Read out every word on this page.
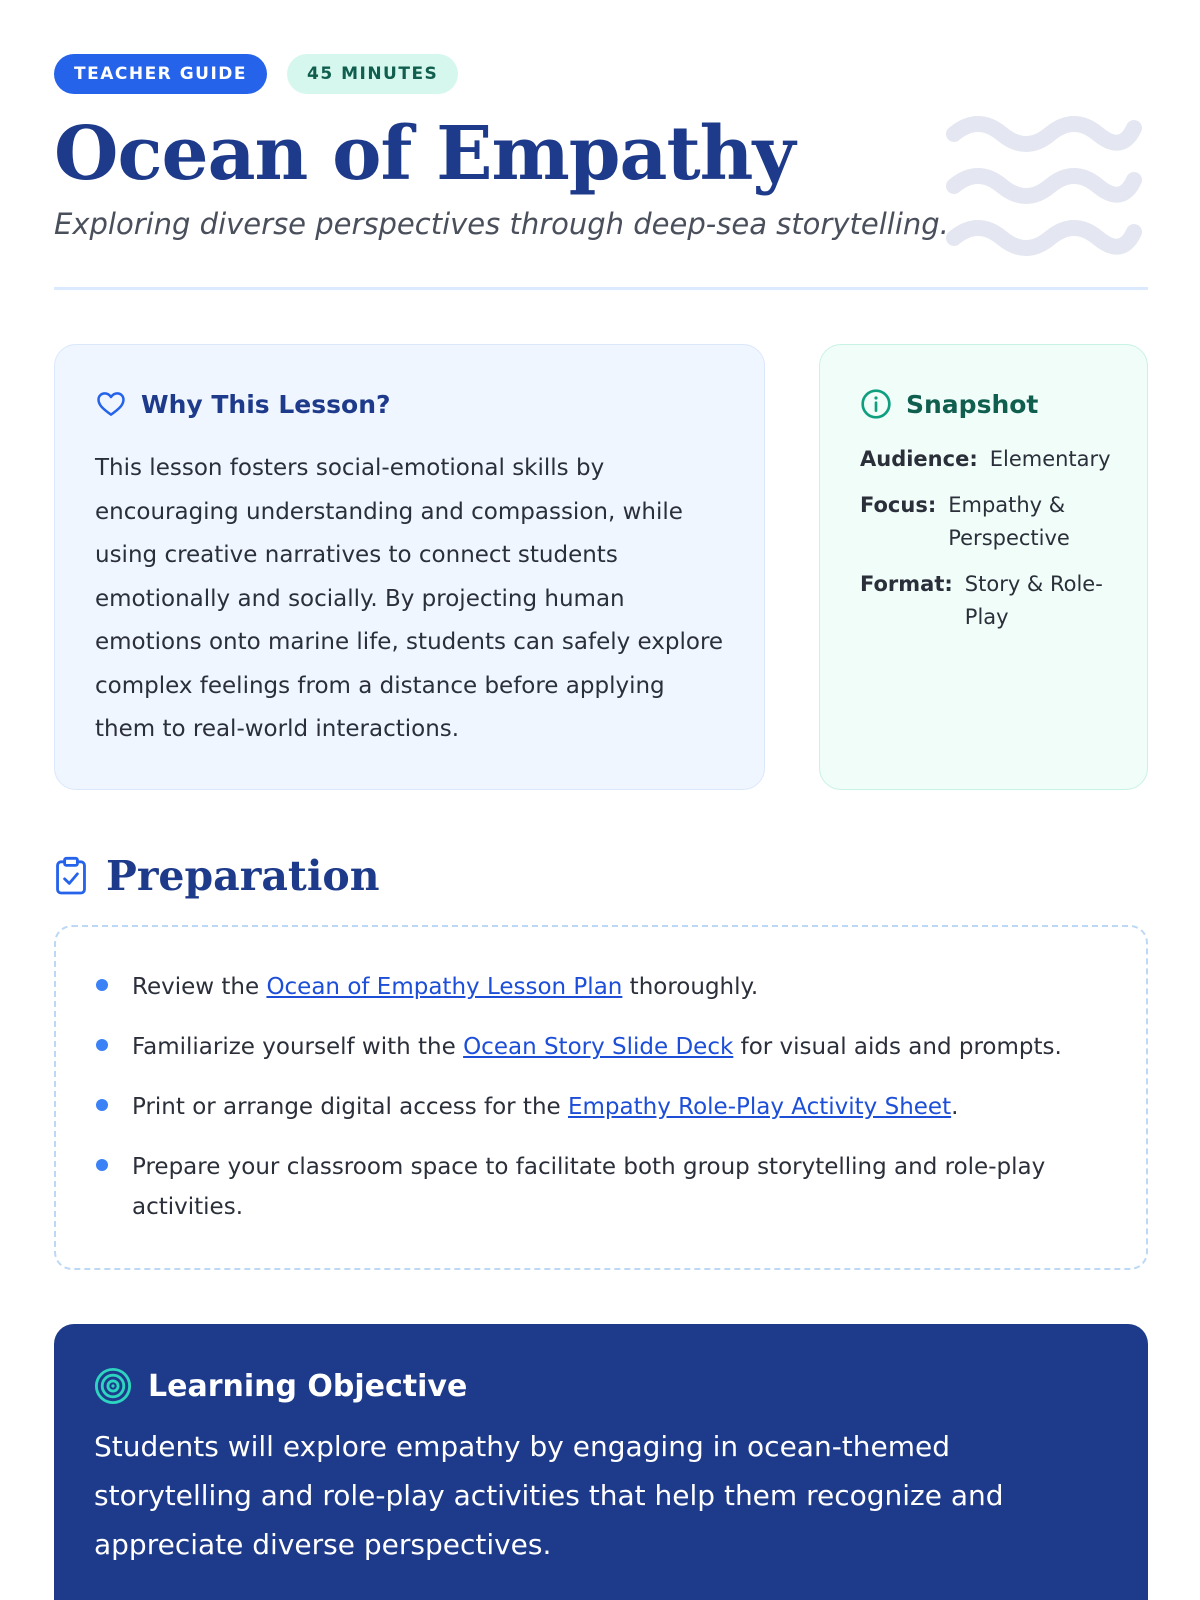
TEACHER GUIDE	45 MINUTES
Ocean of Empathy

Exploring diverse perspectives through deep-sea storytelling.

Why This Lesson?

This lesson fosters social-emotional skills by encouraging understanding and compassion, while using creative narratives to connect students emotionally and socially. By projecting human emotions onto marine life, students can safely explore complex feelings from a distance before applying them to real-world interactions.

Snapshot
Audience: Elementary
Focus: Empathy & Perspective
Format: Story & Role-Play
Preparation
Review the Ocean of Empathy Lesson Plan thoroughly.
Familiarize yourself with the Ocean Story Slide Deck for visual aids and prompts.
Print or arrange digital access for the Empathy Role-Play Activity Sheet.
Prepare your classroom space to facilitate both group storytelling and role-play activities.
Learning Objective

Students will explore empathy by engaging in ocean-themed storytelling and role-play activities that help them recognize and appreciate diverse perspectives.
